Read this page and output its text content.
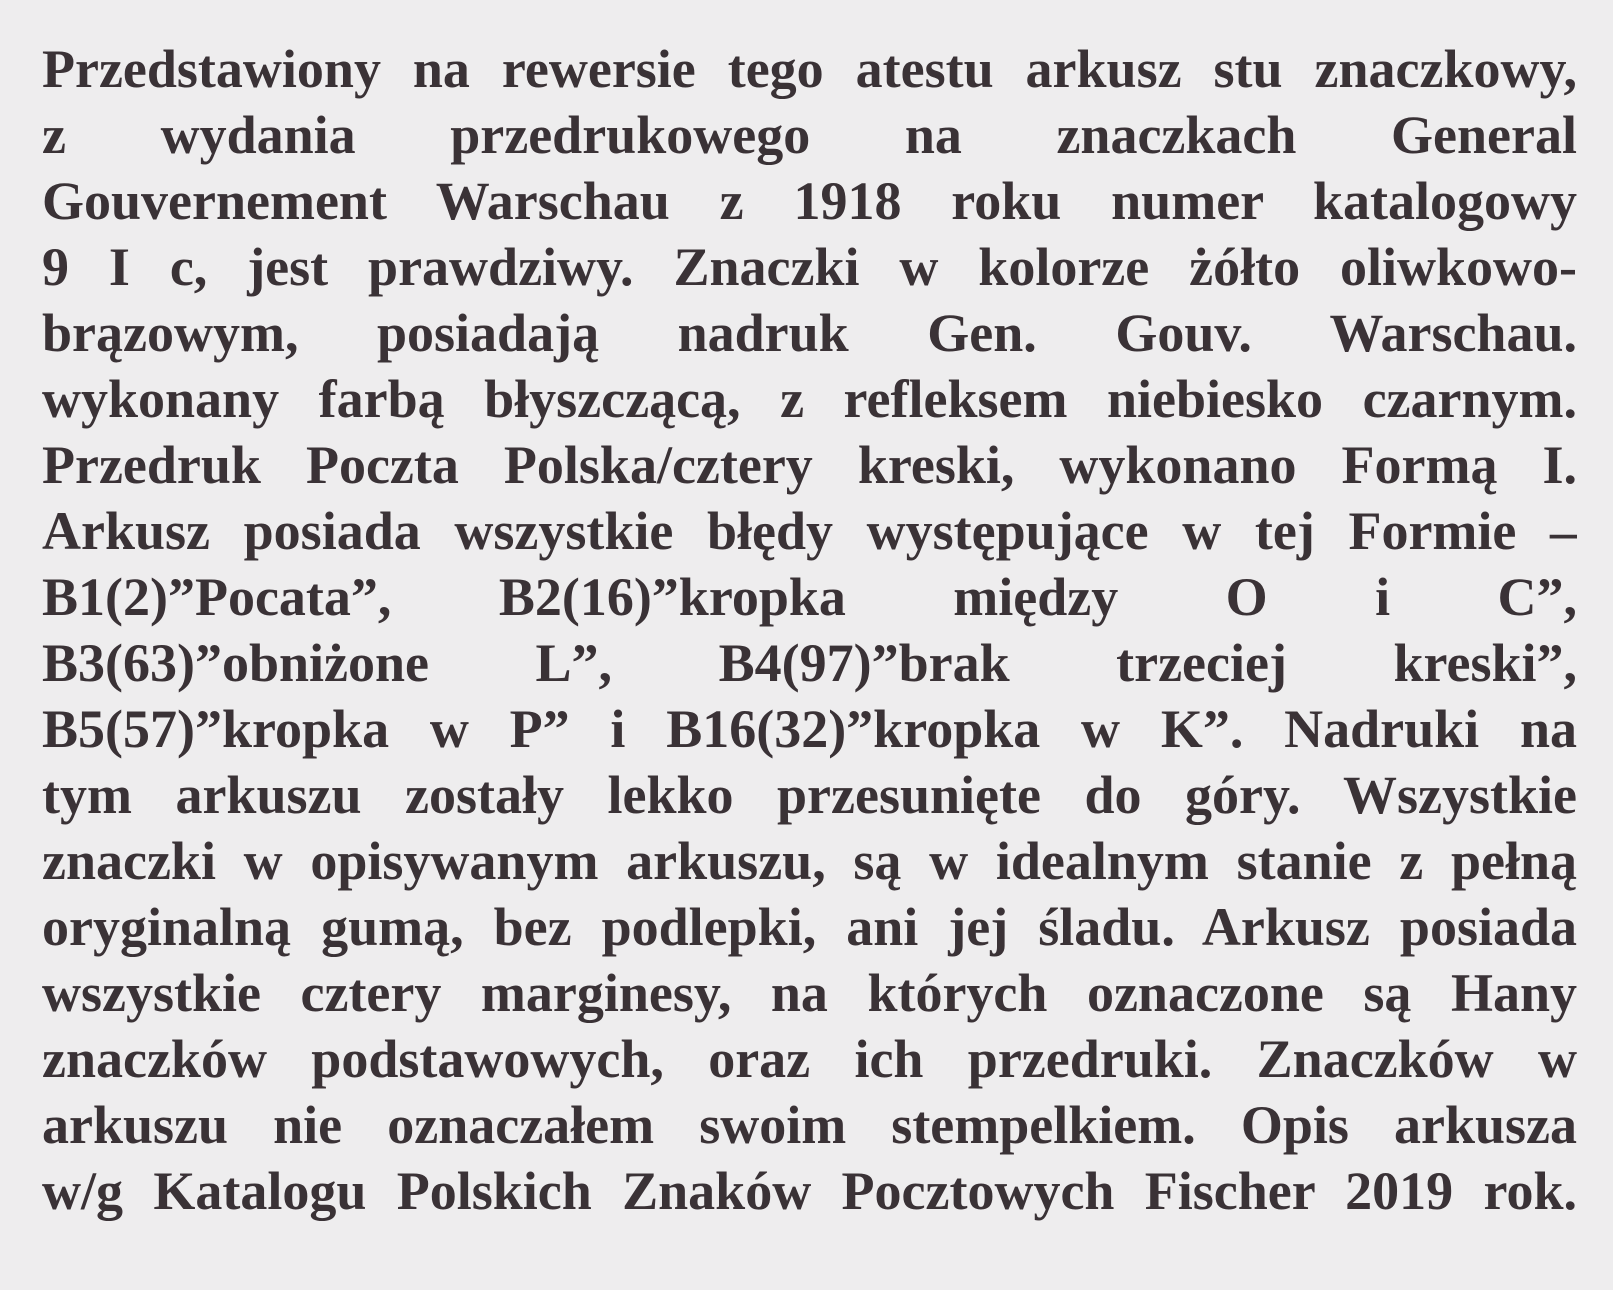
Przedstawiony na rewersie tego atestu arkusz stu znaczkowy,
z wydania przedrukowego na znaczkach General
Gouvernement Warschau z 1918 roku numer katalogowy
9 I c, jest prawdziwy. Znaczki w kolorze żółto oliwkowo-
brązowym, posiadają nadruk Gen. Gouv. Warschau.
wykonany farbą błyszczącą, z refleksem niebiesko czarnym.
Przedruk Poczta Polska/cztery kreski, wykonano Formą I.
Arkusz posiada wszystkie błędy występujące w tej Formie –
B1(2)”Pocata”, B2(16)”kropka między O i C”,
B3(63)”obniżone L”, B4(97)”brak trzeciej kreski”,
B5(57)”kropka w P” i B16(32)”kropka w K”. Nadruki na
tym arkuszu zostały lekko przesunięte do góry. Wszystkie
znaczki w opisywanym arkuszu, są w idealnym stanie z pełną
oryginalną gumą, bez podlepki, ani jej śladu. Arkusz posiada
wszystkie cztery marginesy, na których oznaczone są Hany
znaczków podstawowych, oraz ich przedruki. Znaczków w
arkuszu nie oznaczałem swoim stempelkiem. Opis arkusza
w/g Katalogu Polskich Znaków Pocztowych Fischer 2019 rok.
